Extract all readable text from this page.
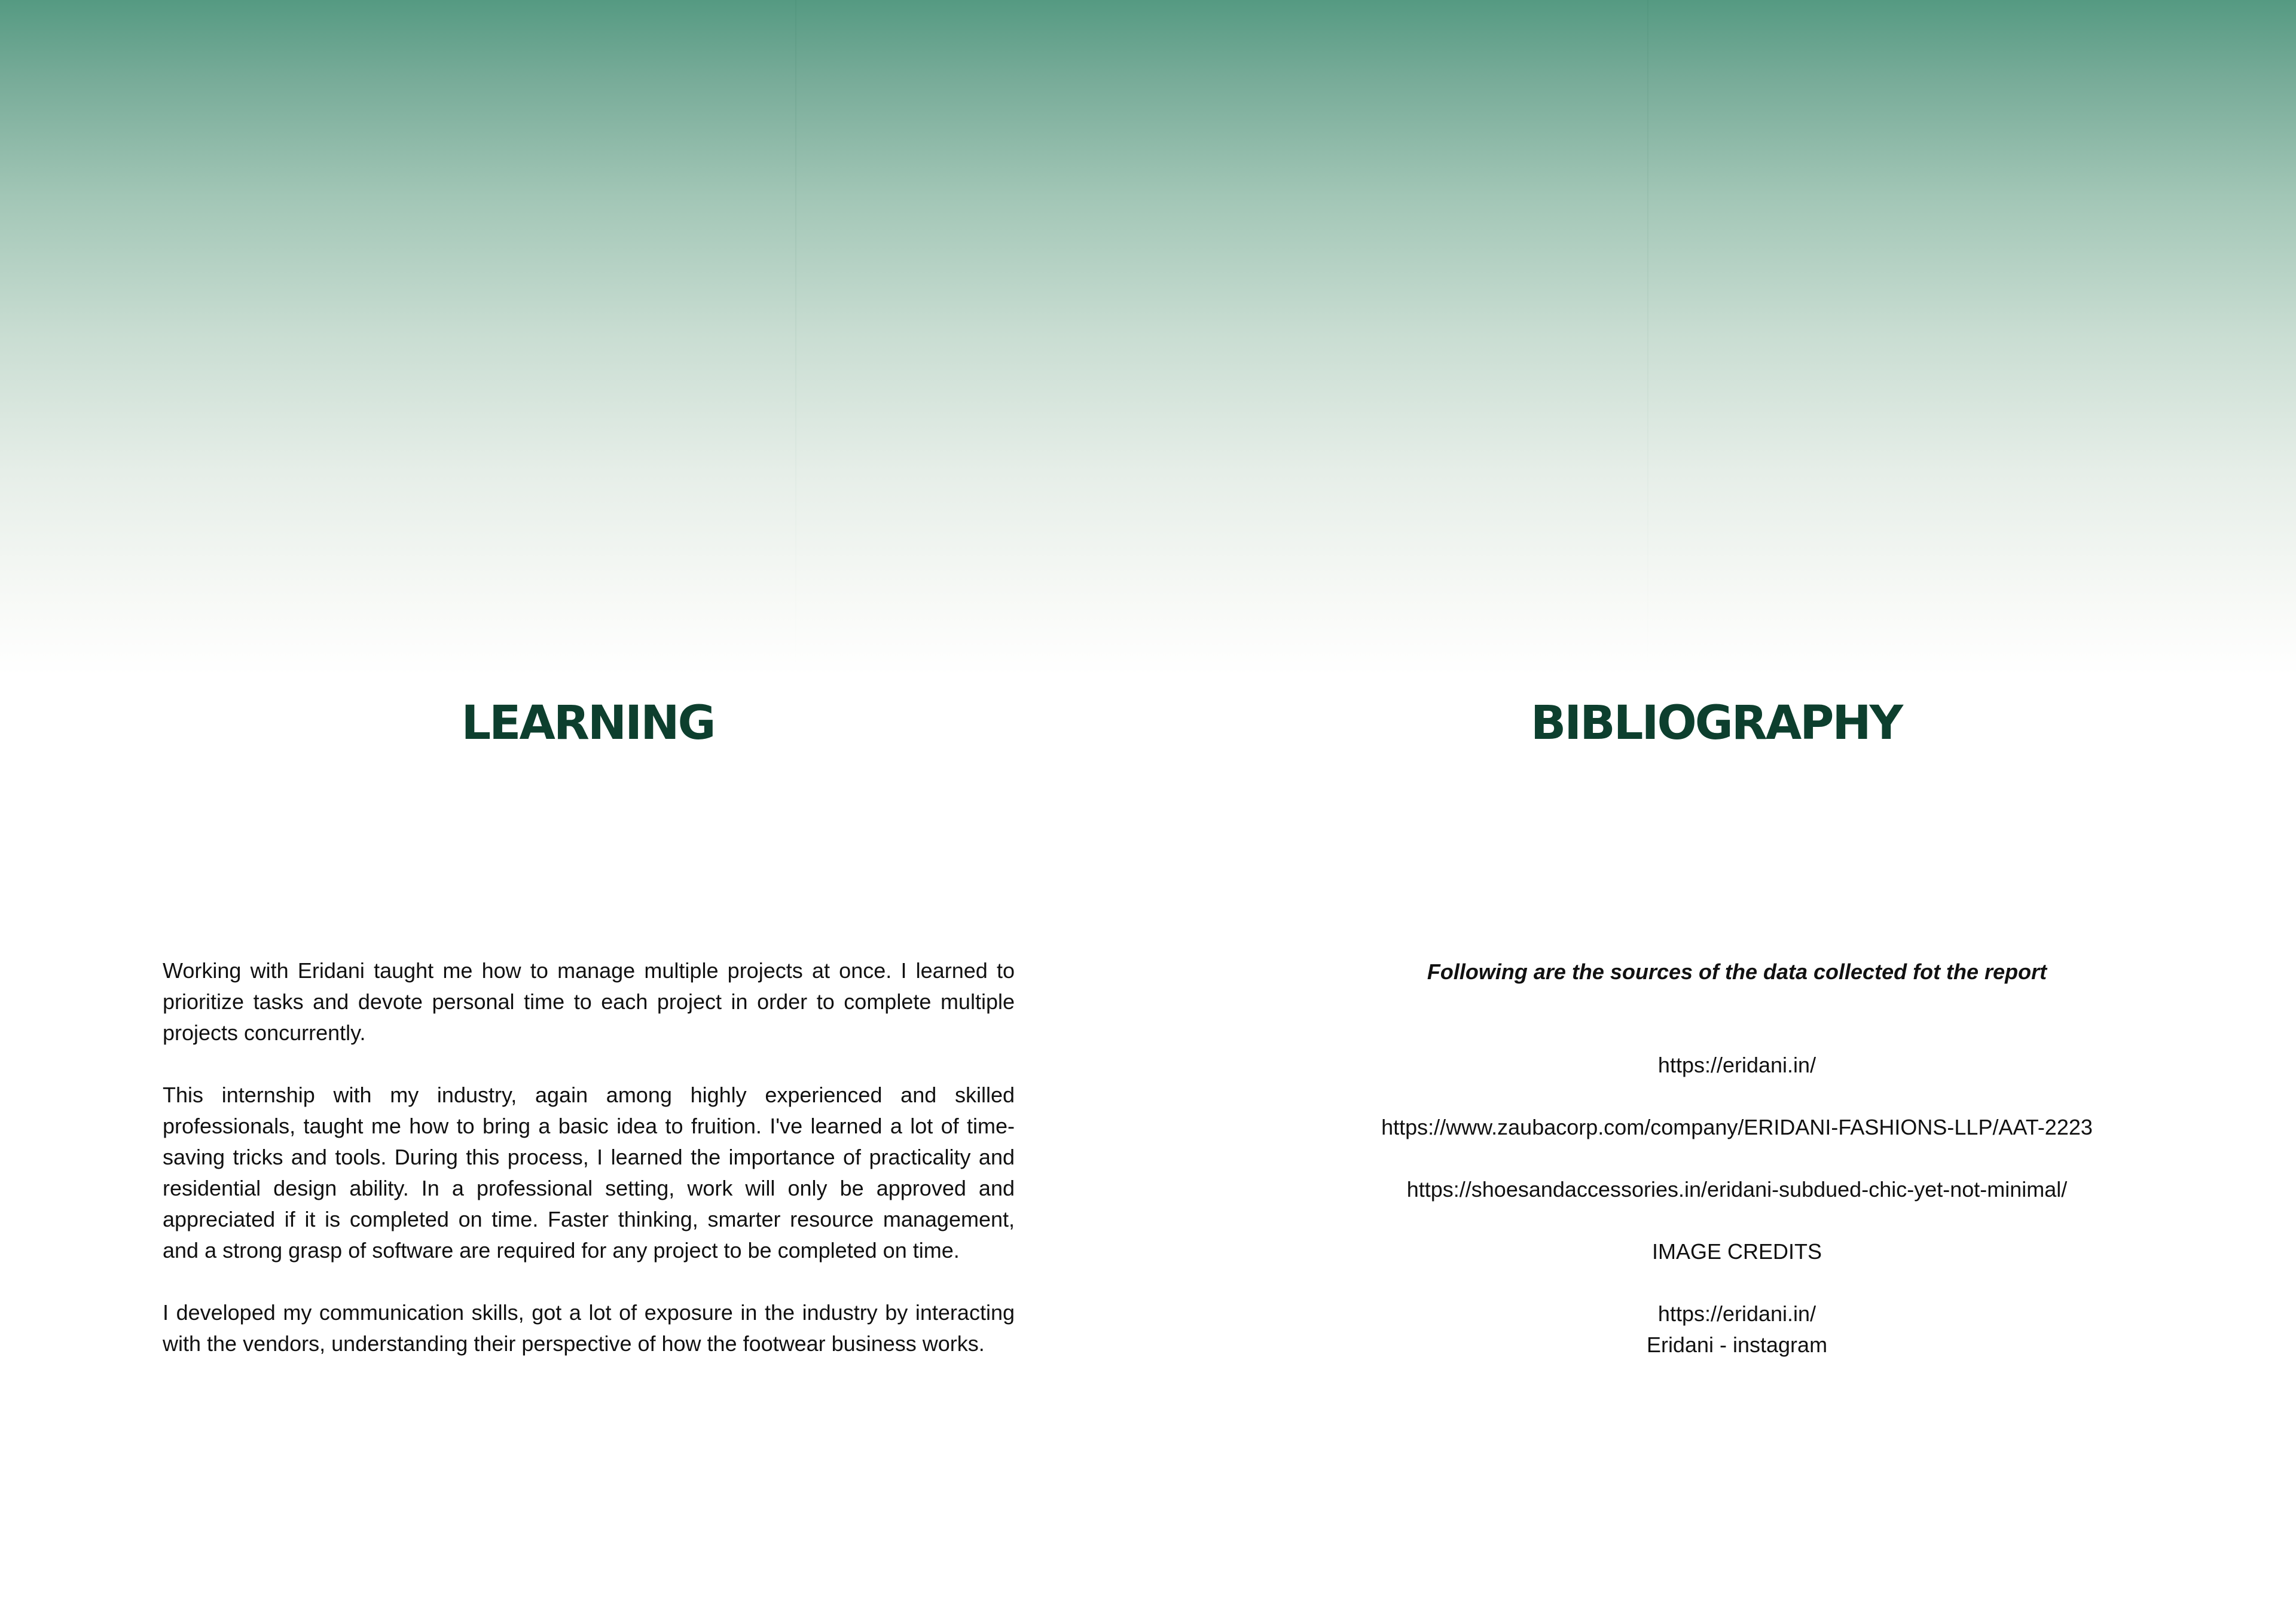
LEARNING	BIBLIOGRAPHY

Working with Eridani taught me how to manage multiple projects at once. I learned to prioritize tasks and devote personal time to each project in order to complete multiple projects concurrently.

This internship with my industry, again among highly experienced and skilled professionals, taught me how to bring a basic idea to fruition. I've learned a lot of time-saving tricks and tools. During this process, I learned the importance of practicality and residential design ability. In a professional setting, work will only be approved and appreciated if it is completed on time. Faster thinking, smarter resource management, and a strong grasp of software are required for any project to be completed on time.

I developed my communication skills, got a lot of exposure in the industry by interacting with the vendors, understanding their perspective of how the footwear business works.

Following are the sources of the data collected fot the report

https://eridani.in/

https://www.zaubacorp.com/company/ERIDANI-FASHIONS-LLP/AAT-2223

https://shoesandaccessories.in/eridani-subdued-chic-yet-not-minimal/

IMAGE CREDITS

https://eridani.in/

Eridani - instagram
